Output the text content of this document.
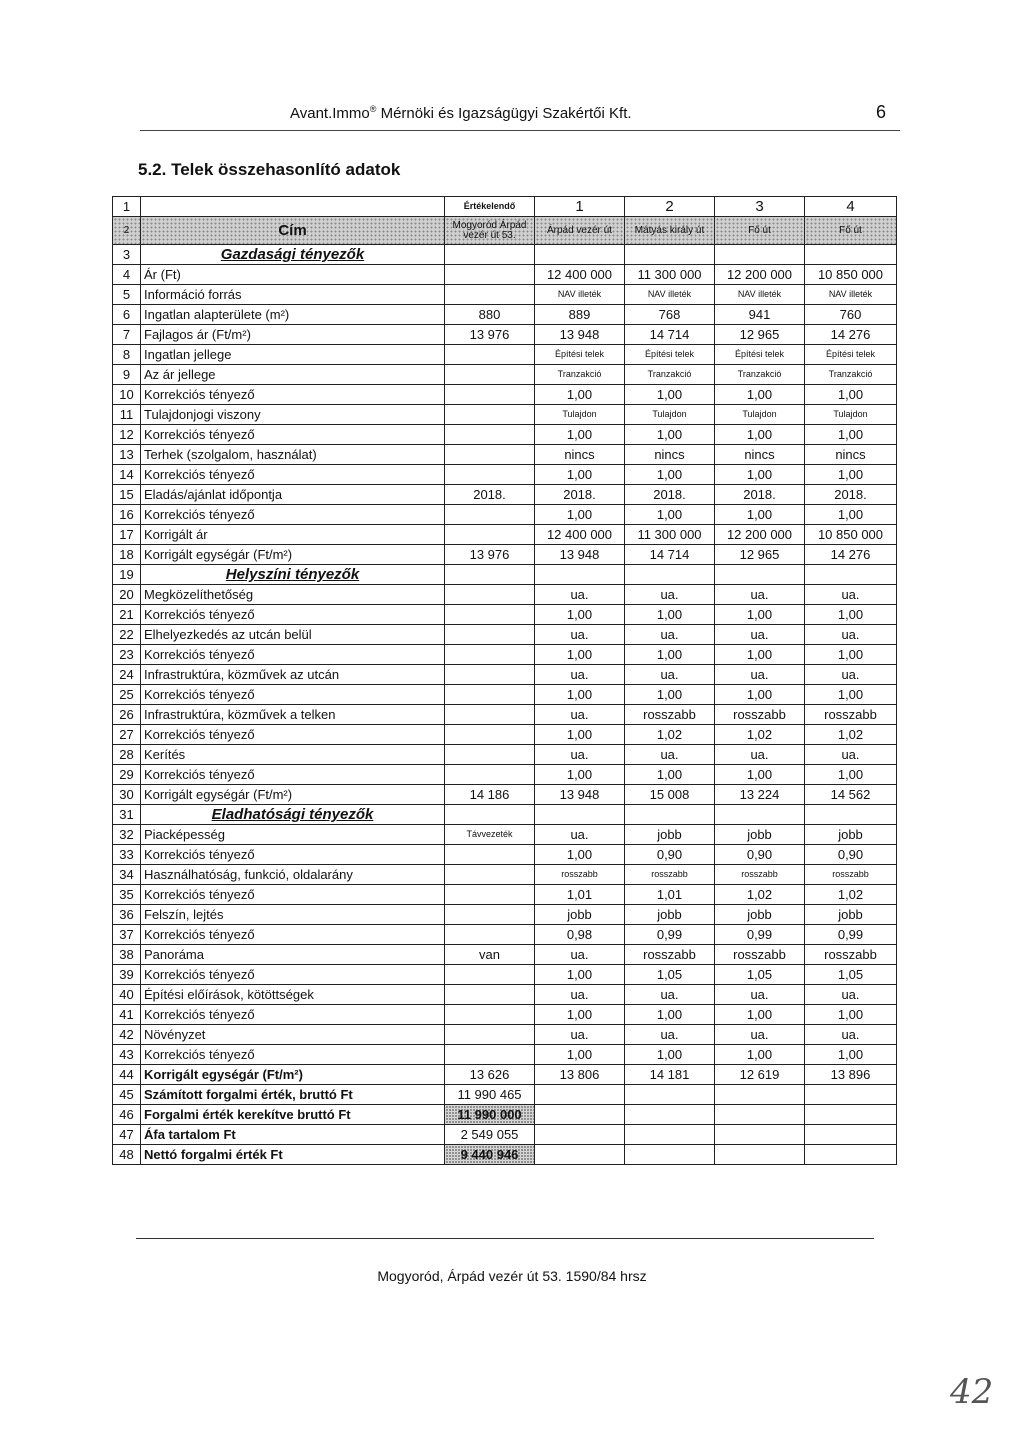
Avant.Immo® Mérnöki és Igazságügyi Szakértői Kft.	6
5.2. Telek összehasonlító adatok
1		Értékelendő	1	2	3	4
2	Cím	Mogyoród Árpád vezér út 53.	Árpád vezér út	Mátyás király út	Fő út	Fő út
3	Gazdasági tényezők					
4	Ár (Ft)		12 400 000	11 300 000	12 200 000	10 850 000
5	Információ forrás		NAV illeték	NAV illeték	NAV illeték	NAV illeték
6	Ingatlan alapterülete (m²)	880	889	768	941	760
7	Fajlagos ár (Ft/m²)	13 976	13 948	14 714	12 965	14 276
8	Ingatlan jellege		Építési telek	Építési telek	Építési telek	Építési telek
9	Az ár jellege		Tranzakció	Tranzakció	Tranzakció	Tranzakció
10	Korrekciós tényező		1,00	1,00	1,00	1,00
11	Tulajdonjogi viszony		Tulajdon	Tulajdon	Tulajdon	Tulajdon
12	Korrekciós tényező		1,00	1,00	1,00	1,00
13	Terhek (szolgalom, használat)		nincs	nincs	nincs	nincs
14	Korrekciós tényező		1,00	1,00	1,00	1,00
15	Eladás/ajánlat időpontja	2018.	2018.	2018.	2018.	2018.
16	Korrekciós tényező		1,00	1,00	1,00	1,00
17	Korrigált ár		12 400 000	11 300 000	12 200 000	10 850 000
18	Korrigált egységár (Ft/m²)	13 976	13 948	14 714	12 965	14 276
19	Helyszíni tényezők					
20	Megközelíthetőség		ua.	ua.	ua.	ua.
21	Korrekciós tényező		1,00	1,00	1,00	1,00
22	Elhelyezkedés az utcán belül		ua.	ua.	ua.	ua.
23	Korrekciós tényező		1,00	1,00	1,00	1,00
24	Infrastruktúra, közművek az utcán		ua.	ua.	ua.	ua.
25	Korrekciós tényező		1,00	1,00	1,00	1,00
26	Infrastruktúra, közművek a telken		ua.	rosszabb	rosszabb	rosszabb
27	Korrekciós tényező		1,00	1,02	1,02	1,02
28	Kerítés		ua.	ua.	ua.	ua.
29	Korrekciós tényező		1,00	1,00	1,00	1,00
30	Korrigált egységár (Ft/m²)	14 186	13 948	15 008	13 224	14 562
31	Eladhatósági tényezők					
32	Piacképesség	Távvezeték	ua.	jobb	jobb	jobb
33	Korrekciós tényező		1,00	0,90	0,90	0,90
34	Használhatóság, funkció, oldalarány		rosszabb	rosszabb	rosszabb	rosszabb
35	Korrekciós tényező		1,01	1,01	1,02	1,02
36	Felszín, lejtés		jobb	jobb	jobb	jobb
37	Korrekciós tényező		0,98	0,99	0,99	0,99
38	Panoráma	van	ua.	rosszabb	rosszabb	rosszabb
39	Korrekciós tényező		1,00	1,05	1,05	1,05
40	Építési előírások, kötöttségek		ua.	ua.	ua.	ua.
41	Korrekciós tényező		1,00	1,00	1,00	1,00
42	Növényzet		ua.	ua.	ua.	ua.
43	Korrekciós tényező		1,00	1,00	1,00	1,00
44	Korrigált egységár (Ft/m²)	13 626	13 806	14 181	12 619	13 896
45	Számított forgalmi érték, bruttó Ft	11 990 465				
46	Forgalmi érték kerekítve bruttó Ft	11 990 000				
47	Áfa tartalom Ft	2 549 055				
48	Nettó forgalmi érték Ft	9 440 946				
Mogyoród, Árpád vezér út 53. 1590/84 hrsz
42
